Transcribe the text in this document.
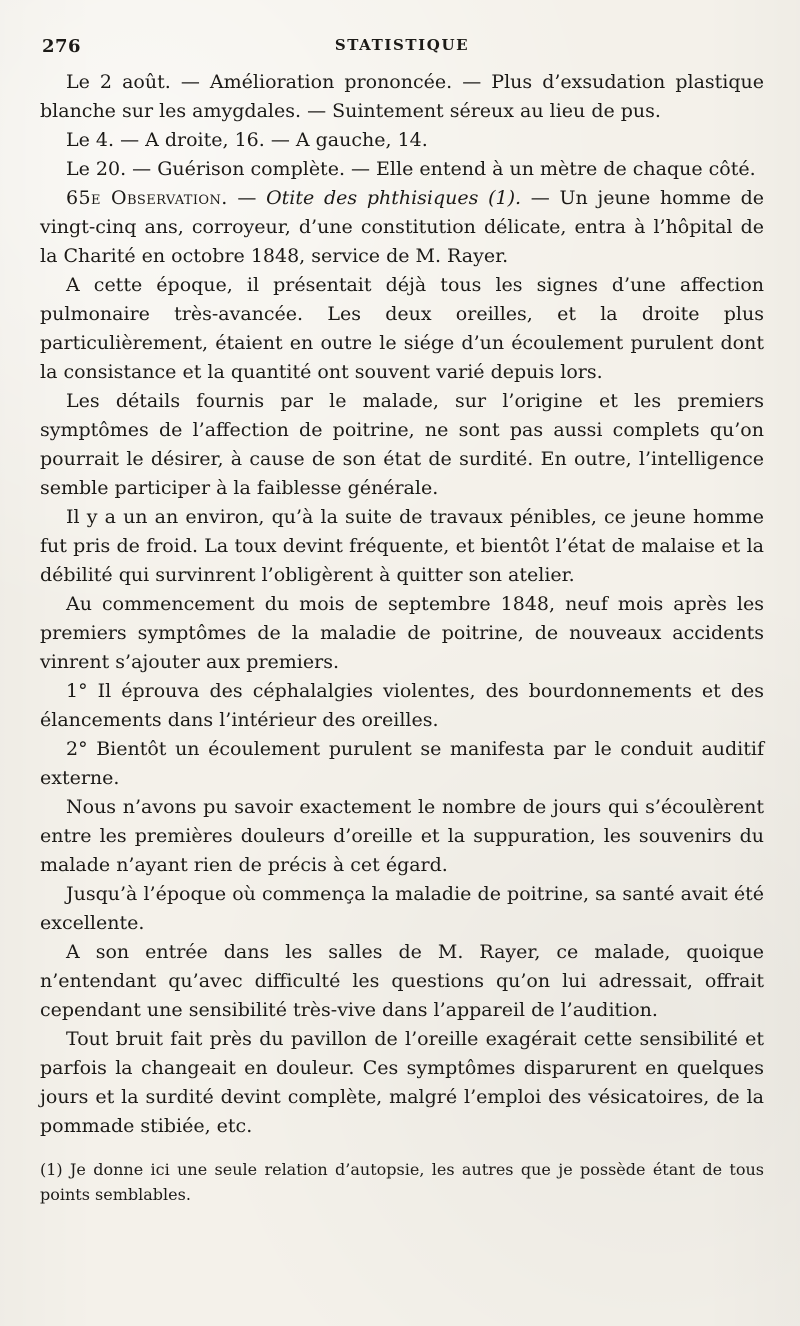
276	STATISTIQUE

Le 2 août. — Amélioration prononcée. — Plus d’exsudation plastique blanche sur les amygdales. — Suintement séreux au lieu de pus.

Le 4. — A droite, 16. — A gauche, 14.

Le 20. — Guérison complète. — Elle entend à un mètre de chaque côté.

65e Observation. — Otite des phthisiques (1). — Un jeune homme de vingt-cinq ans, corroyeur, d’une constitution délicate, entra à l’hôpital de la Charité en octobre 1848, service de M. Rayer.

A cette époque, il présentait déjà tous les signes d’une affection pulmonaire très-avancée. Les deux oreilles, et la droite plus particulièrement, étaient en outre le siége d’un écoulement purulent dont la consistance et la quantité ont souvent varié depuis lors.

Les détails fournis par le malade, sur l’origine et les premiers symptômes de l’affection de poitrine, ne sont pas aussi complets qu’on pourrait le désirer, à cause de son état de surdité. En outre, l’intelligence semble participer à la faiblesse générale.

Il y a un an environ, qu’à la suite de travaux pénibles, ce jeune homme fut pris de froid. La toux devint fréquente, et bientôt l’état de malaise et la débilité qui survinrent l’obligèrent à quitter son atelier.

Au commencement du mois de septembre 1848, neuf mois après les premiers symptômes de la maladie de poitrine, de nouveaux accidents vinrent s’ajouter aux premiers.

1° Il éprouva des céphalalgies violentes, des bourdonnements et des élancements dans l’intérieur des oreilles.

2° Bientôt un écoulement purulent se manifesta par le conduit auditif externe.

Nous n’avons pu savoir exactement le nombre de jours qui s’écoulèrent entre les premières douleurs d’oreille et la suppuration, les souvenirs du malade n’ayant rien de précis à cet égard.

Jusqu’à l’époque où commença la maladie de poitrine, sa santé avait été excellente.

A son entrée dans les salles de M. Rayer, ce malade, quoique n’entendant qu’avec difficulté les questions qu’on lui adressait, offrait cependant une sensibilité très-vive dans l’appareil de l’audition.

Tout bruit fait près du pavillon de l’oreille exagérait cette sensibilité et parfois la changeait en douleur. Ces symptômes disparurent en quelques jours et la surdité devint complète, malgré l’emploi des vésicatoires, de la pommade stibiée, etc.

(1) Je donne ici une seule relation d’autopsie, les autres que je possède étant de tous points semblables.
